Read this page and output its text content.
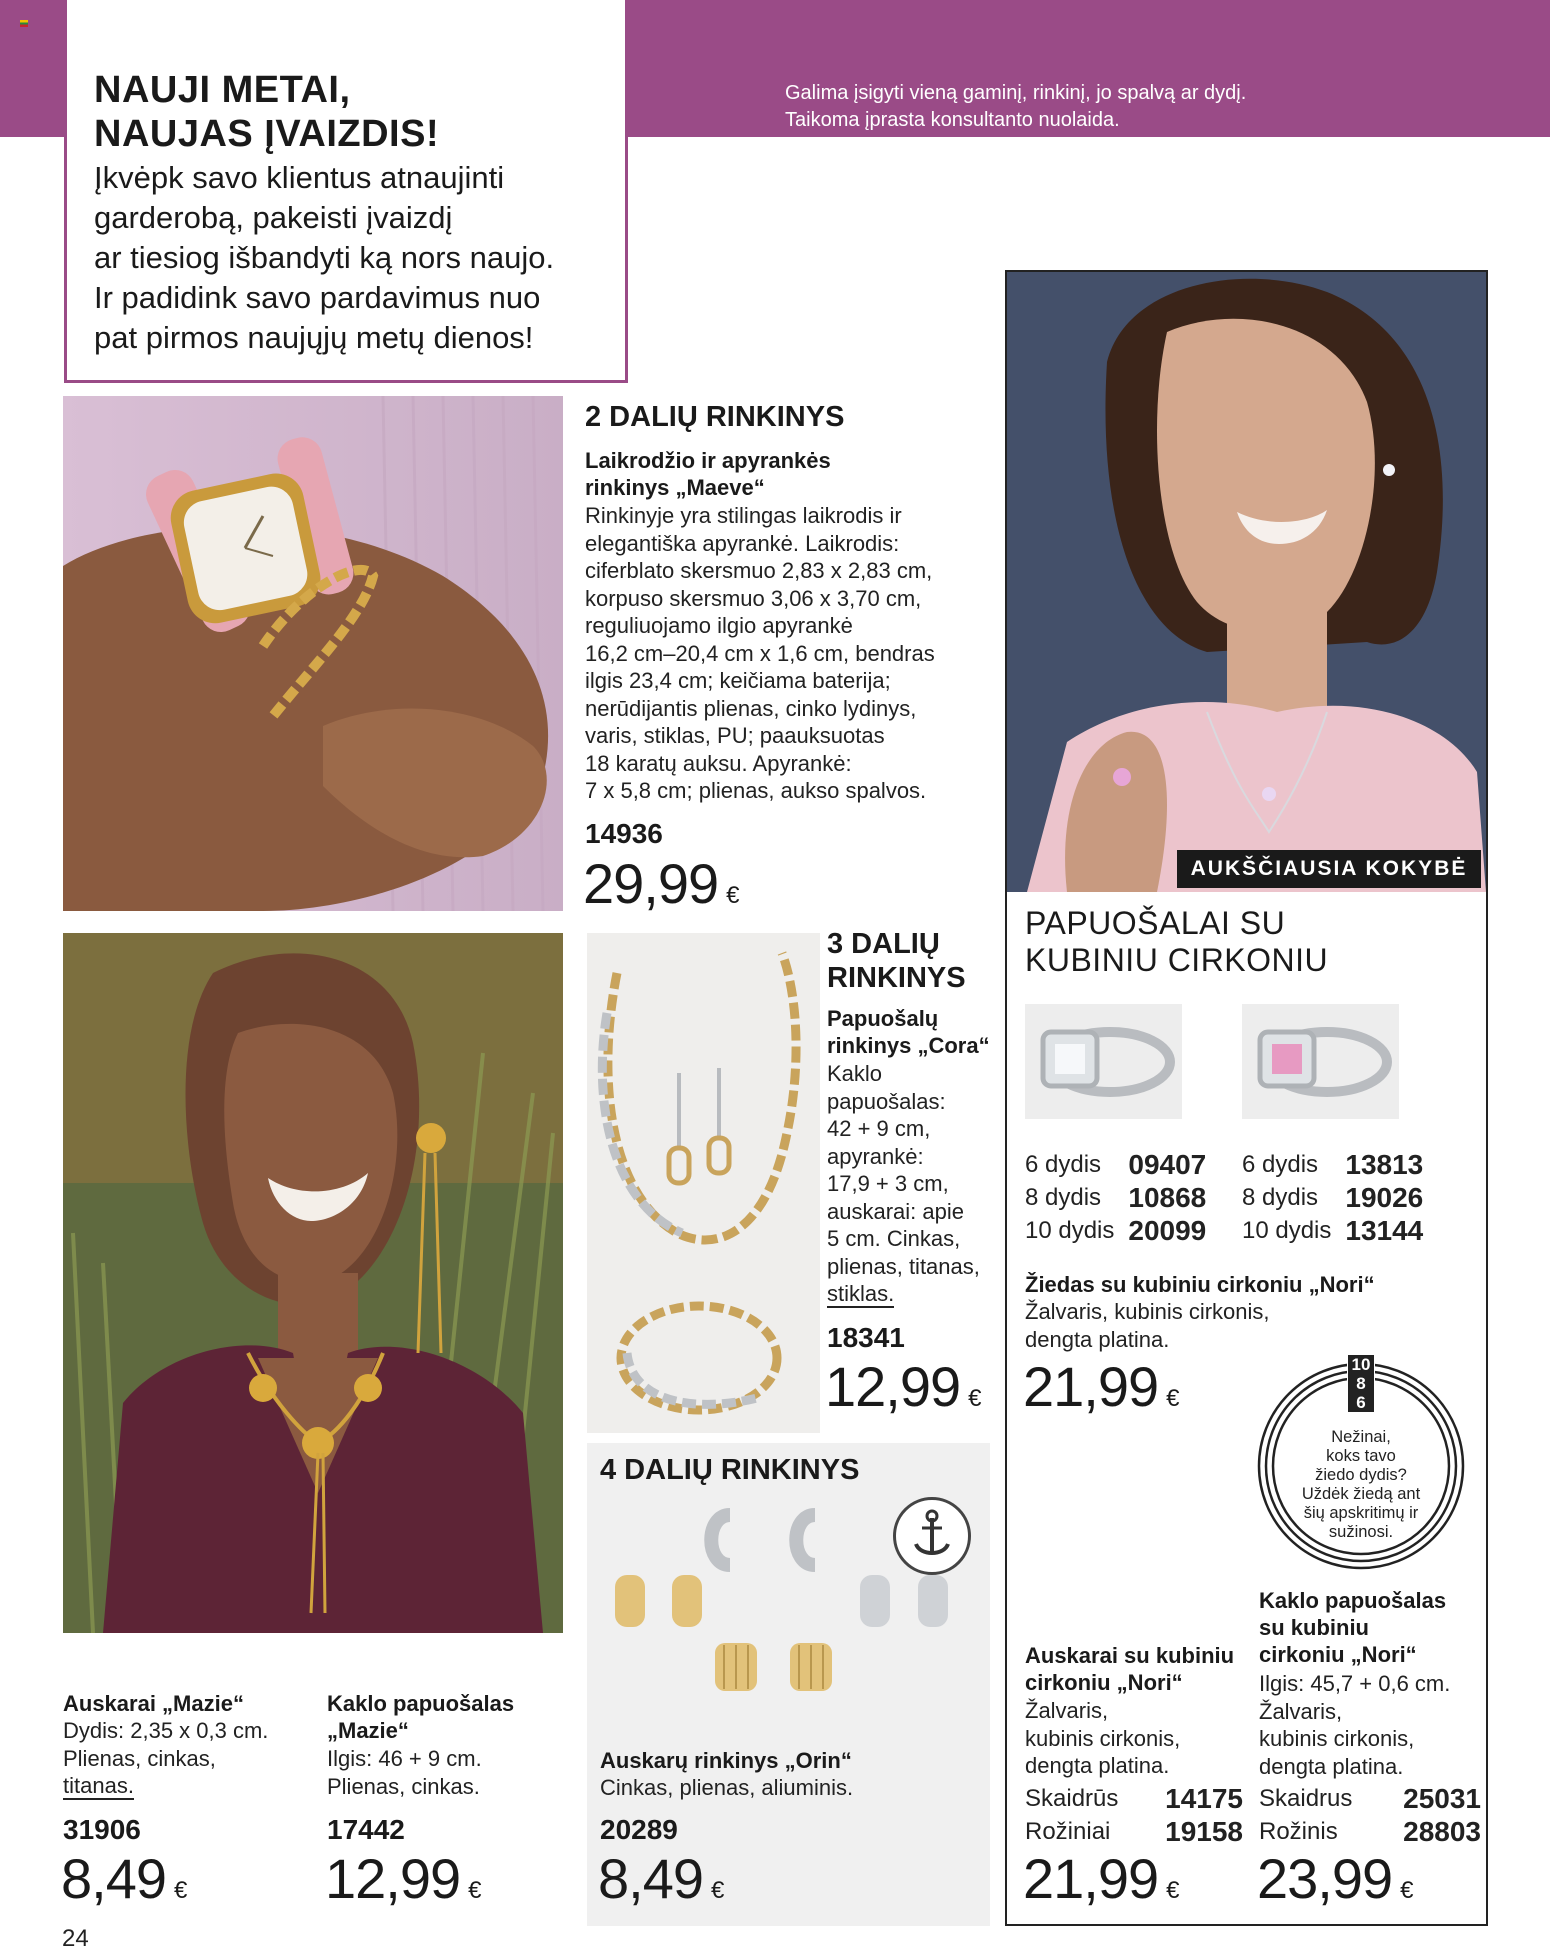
Galima įsigyti vieną gaminį, rinkinį, jo spalvą ar dydį.
Taikoma įprasta konsultanto nuolaida.
NAUJI METAI,
NAUJAS ĮVAIZDIS!

Įkvėpk savo klientus atnaujinti
garderobą, pakeisti įvaizdį
ar tiesiog išbandyti ką nors naujo.
Ir padidink savo pardavimus nuo
pat pirmos naujųjų metų dienos!

2 DALIŲ RINKINYS
Laikrodžio ir apyrankės
rinkinys „Maeve“
Rinkinyje yra stilingas laikrodis ir
elegantiška apyrankė. Laikrodis:
ciferblato skersmuo 2,83 x 2,83 cm,
korpuso skersmuo 3,06 x 3,70 cm,
reguliuojamo ilgio apyrankė
16,2 cm–20,4 cm x 1,6 cm, bendras
ilgis 23,4 cm; keičiama baterija;
nerūdijantis plienas, cinko lydinys,
varis, stiklas, PU; paauksuotas
18 karatų auksu. Apyrankė:
7 x 5,8 cm; plienas, aukso spalvos.
14936
29,99 €
3 DALIŲ
RINKINYS
Papuošalų
rinkinys „Cora“
Kaklo
papuošalas:
42 + 9 cm,
apyrankė:
17,9 + 3 cm,
auskarai: apie
5 cm. Cinkas,
plienas, titanas,
stiklas.
18341
12,99 €
4 DALIŲ RINKINYS
Auskarų rinkinys „Orin“
Cinkas, plienas, aliuminis.
20289
8,49 €
Auskarai „Mazie“
Dydis: 2,35 x 0,3 cm.
Plienas, cinkas,
titanas.
31906
8,49 €
Kaklo papuošalas
„Mazie“
Ilgis: 46 + 9 cm.
Plienas, cinkas.
17442
12,99 €
AUKŠČIAUSIA KOKYBĖ
PAPUOŠALAI SU
KUBINIU CIRKONIU
6 dydis	09407
8 dydis	10868
10 dydis	20099
6 dydis	13813
8 dydis	19026
10 dydis	13144
Žiedas su kubiniu cirkoniu „Nori“
Žalvaris, kubinis cirkonis,
dengta platina.
21,99 €
10
8
6
Nežinai,
koks tavo
žiedo dydis?
Uždėk žiedą ant
šių apskritimų ir
sužinosi.
Auskarai su kubiniu
cirkoniu „Nori“
Žalvaris,
kubinis cirkonis,
dengta platina.
Skaidrūs	14175
Rožiniai	19158
21,99 €
Kaklo papuošalas
su kubiniu
cirkoniu „Nori“
Ilgis: 45,7 + 0,6 cm.
Žalvaris,
kubinis cirkonis,
dengta platina.
Skaidrus	25031
Rožinis	28803
23,99 €
24
